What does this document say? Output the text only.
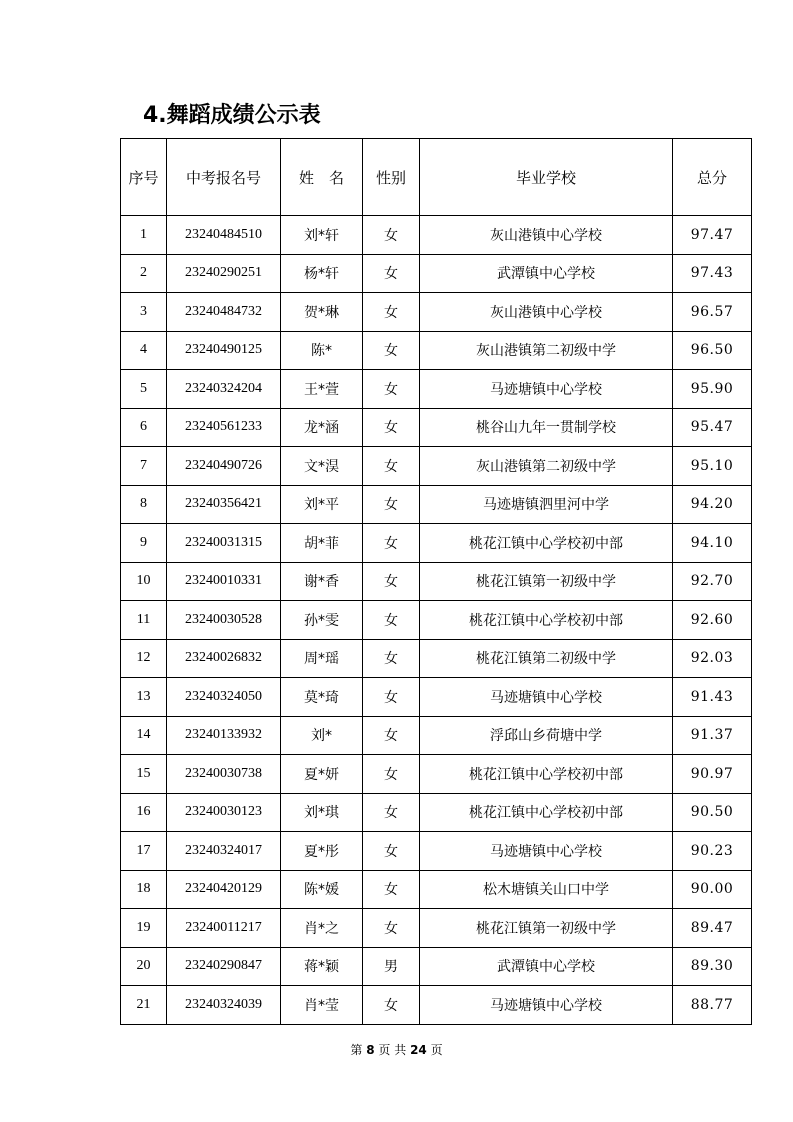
4.舞蹈成绩公示表
序号	中考报名号	姓　名	性别	毕业学校	总分
1	23240484510	刘*轩	女	灰山港镇中心学校	97.47
2	23240290251	杨*轩	女	武潭镇中心学校	97.43
3	23240484732	贺*琳	女	灰山港镇中心学校	96.57
4	23240490125	陈*	女	灰山港镇第二初级中学	96.50
5	23240324204	王*萱	女	马迹塘镇中心学校	95.90
6	23240561233	龙*涵	女	桃谷山九年一贯制学校	95.47
7	23240490726	文*淏	女	灰山港镇第二初级中学	95.10
8	23240356421	刘*平	女	马迹塘镇泗里河中学	94.20
9	23240031315	胡*菲	女	桃花江镇中心学校初中部	94.10
10	23240010331	谢*香	女	桃花江镇第一初级中学	92.70
11	23240030528	孙*雯	女	桃花江镇中心学校初中部	92.60
12	23240026832	周*瑶	女	桃花江镇第二初级中学	92.03
13	23240324050	莫*琦	女	马迹塘镇中心学校	91.43
14	23240133932	刘*	女	浮邱山乡荷塘中学	91.37
15	23240030738	夏*妍	女	桃花江镇中心学校初中部	90.97
16	23240030123	刘*琪	女	桃花江镇中心学校初中部	90.50
17	23240324017	夏*彤	女	马迹塘镇中心学校	90.23
18	23240420129	陈*媛	女	松木塘镇关山口中学	90.00
19	23240011217	肖*之	女	桃花江镇第一初级中学	89.47
20	23240290847	蒋*颖	男	武潭镇中心学校	89.30
21	23240324039	肖*莹	女	马迹塘镇中心学校	88.77
第 8 页 共 24 页
